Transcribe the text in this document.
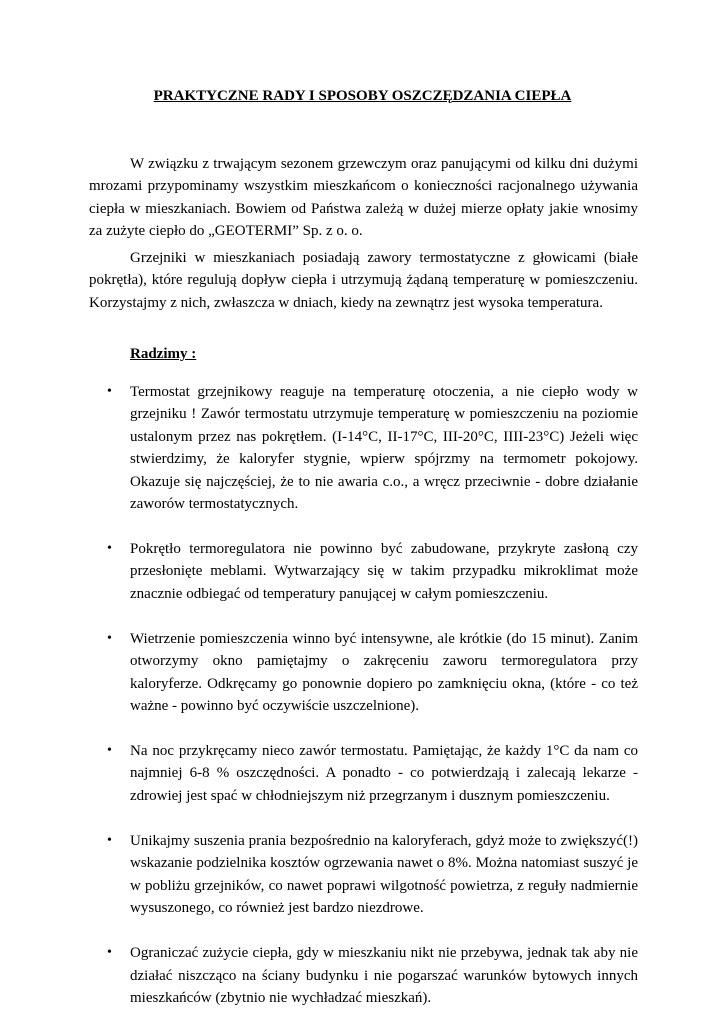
PRAKTYCZNE RADY I SPOSOBY OSZCZĘDZANIA CIEPŁA

W związku z trwającym sezonem grzewczym oraz panującymi od kilku dni dużymi mrozami przypominamy wszystkim mieszkańcom o konieczności racjonalnego używania ciepła w mieszkaniach. Bowiem od Państwa zależą w dużej mierze opłaty jakie wnosimy za zużyte ciepło do „GEOTERMI” Sp. z o. o.

Grzejniki w mieszkaniach posiadają zawory termostatyczne z głowicami (białe pokrętła), które regulują dopływ ciepła i utrzymują żądaną temperaturę w pomieszczeniu. Korzystajmy z nich, zwłaszcza w dniach, kiedy na zewnątrz jest wysoka temperatura.

Radzimy :
• Termostat grzejnikowy reaguje na temperaturę otoczenia, a nie ciepło wody w grzejniku ! Zawór termostatu utrzymuje temperaturę w pomieszczeniu na poziomie ustalonym przez nas pokrętłem. (I-14°C, II-17°C, III-20°C, IIII-23°C) Jeżeli więc stwierdzimy, że kaloryfer stygnie, wpierw spójrzmy na termometr pokojowy. Okazuje się najczęściej, że to nie awaria c.o., a wręcz przeciwnie - dobre działanie zaworów termostatycznych.
• Pokrętło termoregulatora nie powinno być zabudowane, przykryte zasłoną czy przesłonięte meblami. Wytwarzający się w takim przypadku mikroklimat może znacznie odbiegać od temperatury panującej w całym pomieszczeniu.
• Wietrzenie pomieszczenia winno być intensywne, ale krótkie (do 15 minut). Zanim otworzymy okno pamiętajmy o zakręceniu zaworu termoregulatora przy kaloryferze. Odkręcamy go ponownie dopiero po zamknięciu okna, (które - co też ważne - powinno być oczywiście uszczelnione).
• Na noc przykręcamy nieco zawór termostatu. Pamiętając, że każdy 1°C da nam co najmniej 6-8 % oszczędności. A ponadto - co potwierdzają i zalecają lekarze - zdrowiej jest spać w chłodniejszym niż przegrzanym i dusznym pomieszczeniu.
• Unikajmy suszenia prania bezpośrednio na kaloryferach, gdyż może to zwiększyć(!) wskazanie podzielnika kosztów ogrzewania nawet o 8%. Można natomiast suszyć je w pobliżu grzejników, co nawet poprawi wilgotność powietrza, z reguły nadmiernie wysuszonego, co również jest bardzo niezdrowe.
• Ograniczać zużycie ciepła, gdy w mieszkaniu nikt nie przebywa, jednak tak aby nie działać niszcząco na ściany budynku i nie pogarszać warunków bytowych innych mieszkańców (zbytnio nie wychładzać mieszkań).
